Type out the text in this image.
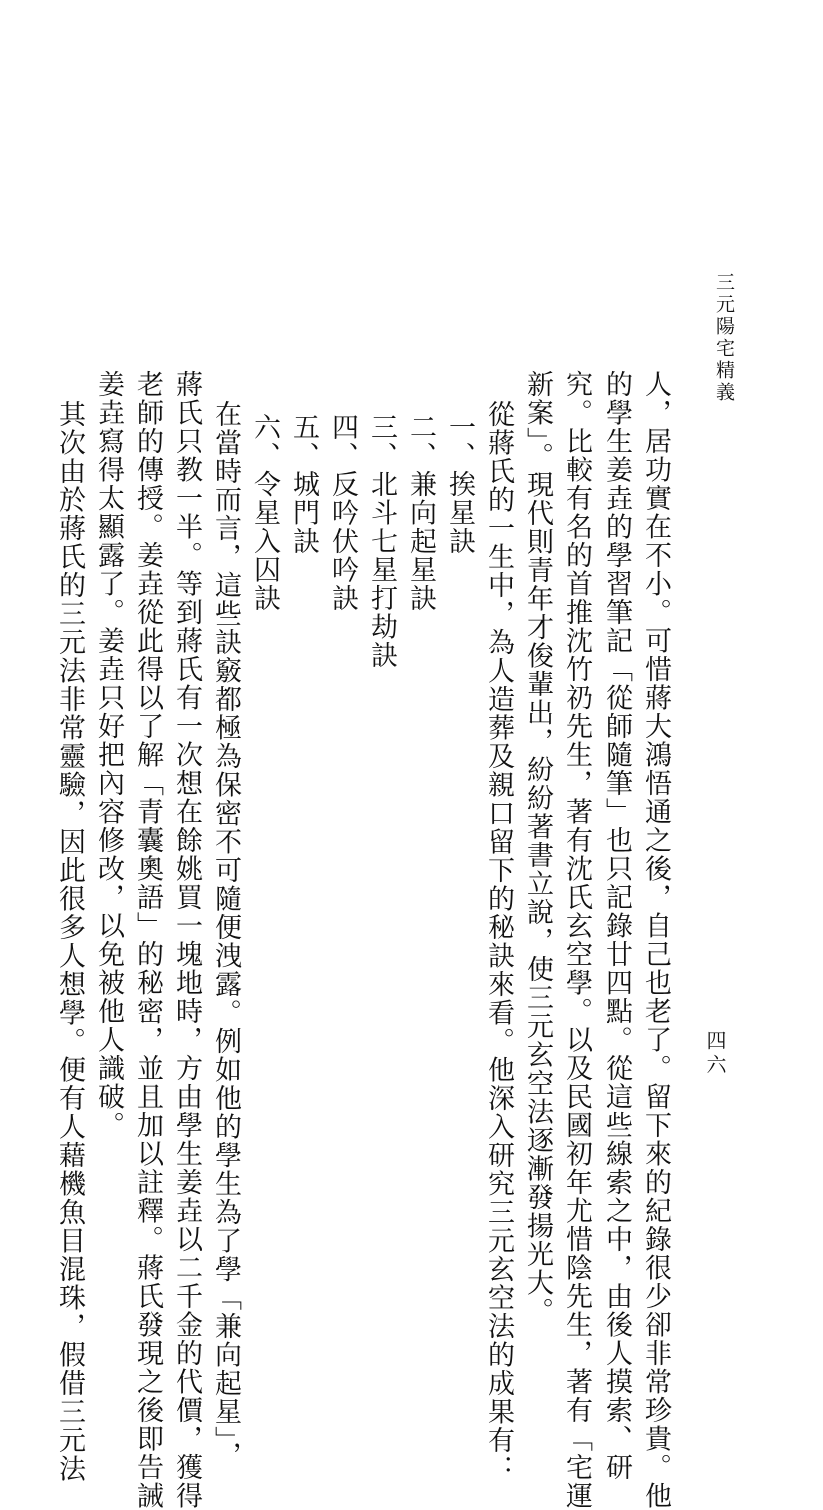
三元陽宅精義
四六
人，居功實在不小。可惜蔣大鴻悟通之後，自己也老了。留下來的紀錄很少卻非常珍貴。他
的學生姜垚的學習筆記「從師隨筆」也只記錄廿四點。從這些線索之中，由後人摸索、研
究。比較有名的首推沈竹礽先生，著有沈氏玄空學。以及民國初年尤惜陰先生，著有「宅運
新案」。現代則青年才俊輩出，紛紛著書立說，使三元玄空法逐漸發揚光大。
從蔣氏的一生中，為人造葬及親口留下的秘訣來看。他深入研究三元玄空法的成果有：
一、挨星訣
二、兼向起星訣
三、北斗七星打劫訣
四、反吟伏吟訣
五、城門訣
六、令星入囚訣
在當時而言，這些訣竅都極為保密不可隨便洩露。例如他的學生為了學「兼向起星」，
蔣氏只教一半。等到蔣氏有一次想在餘姚買一塊地時，方由學生姜垚以二千金的代價，獲得
老師的傳授。姜垚從此得以了解「青囊奧語」的秘密，並且加以註釋。蔣氏發現之後即告誡
姜垚寫得太顯露了。姜垚只好把內容修改，以免被他人識破。
其次由於蔣氏的三元法非常靈驗，因此很多人想學。便有人藉機魚目混珠，假借三元法
